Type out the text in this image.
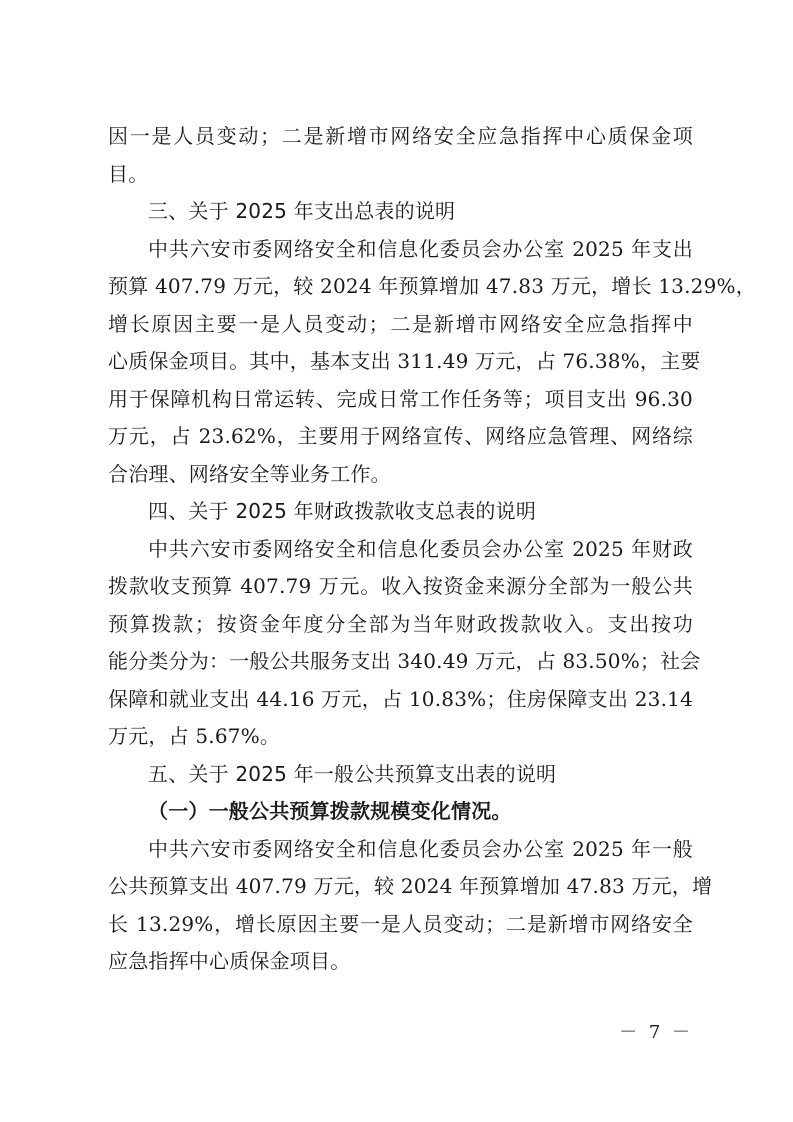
因一是人员变动；二是新增市网络安全应急指挥中心质保金项
目。
三、关于 2025 年支出总表的说明
中共六安市委网络安全和信息化委员会办公室 2025 年支出
预算 407.79 万元，较 2024 年预算增加 47.83 万元，增长 13.29%，
增长原因主要一是人员变动；二是新增市网络安全应急指挥中
心质保金项目。其中，基本支出 311.49 万元，占 76.38%，主要
用于保障机构日常运转、完成日常工作任务等；项目支出 96.30
万元，占 23.62%，主要用于网络宣传、网络应急管理、网络综
合治理、网络安全等业务工作。
四、关于 2025 年财政拨款收支总表的说明
中共六安市委网络安全和信息化委员会办公室 2025 年财政
拨款收支预算 407.79 万元。收入按资金来源分全部为一般公共
预算拨款；按资金年度分全部为当年财政拨款收入。支出按功
能分类分为：一般公共服务支出 340.49 万元，占 83.50%；社会
保障和就业支出 44.16 万元，占 10.83%；住房保障支出 23.14
万元，占 5.67%。
五、关于 2025 年一般公共预算支出表的说明
（一）一般公共预算拨款规模变化情况。
中共六安市委网络安全和信息化委员会办公室 2025 年一般
公共预算支出 407.79 万元，较 2024 年预算增加 47.83 万元，增
长 13.29%，增长原因主要一是人员变动；二是新增市网络安全
应急指挥中心质保金项目。
－ 7 －
